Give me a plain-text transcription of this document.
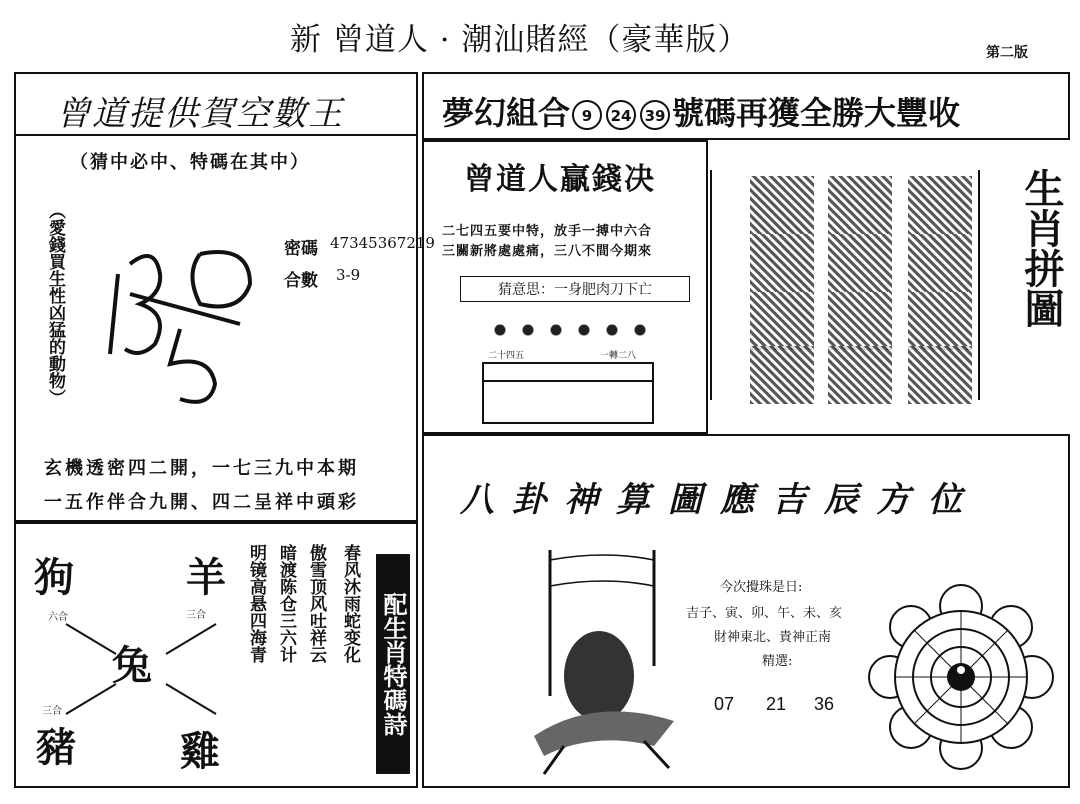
新 曾道人 · 潮汕賭經（豪華版）	第二版
曾道提供賀空數王
（猜中必中、特碼在其中）
（愛錢買生性凶猛的動物）	密碼 47345367219
合數 3-9
玄機透密四二開，一七三九中本期
一五作伴合九開、四二呈祥中頭彩
狗	羊
兔
豬	雞
六合	三合
三合
春风沐雨蛇变化
傲雪顶风吐祥云
暗渡陈仓三六计
明镜高悬四海青	配生肖特碼詩
夢幻組合 9 24 39 號碼再獲全勝大豐收
曾道人贏錢决
二七四五要中特，放手一搏中六合
三關新將處處痛，三八不間今期來
猜意思：一身肥肉刀下亡
二十四五	一轉二八
生肖拼圖
八卦神算圖應吉辰方位
今次攪珠是日:
吉子、寅、卯、午、未、亥
財神東北、貴神正南
精選:
07 21 36
